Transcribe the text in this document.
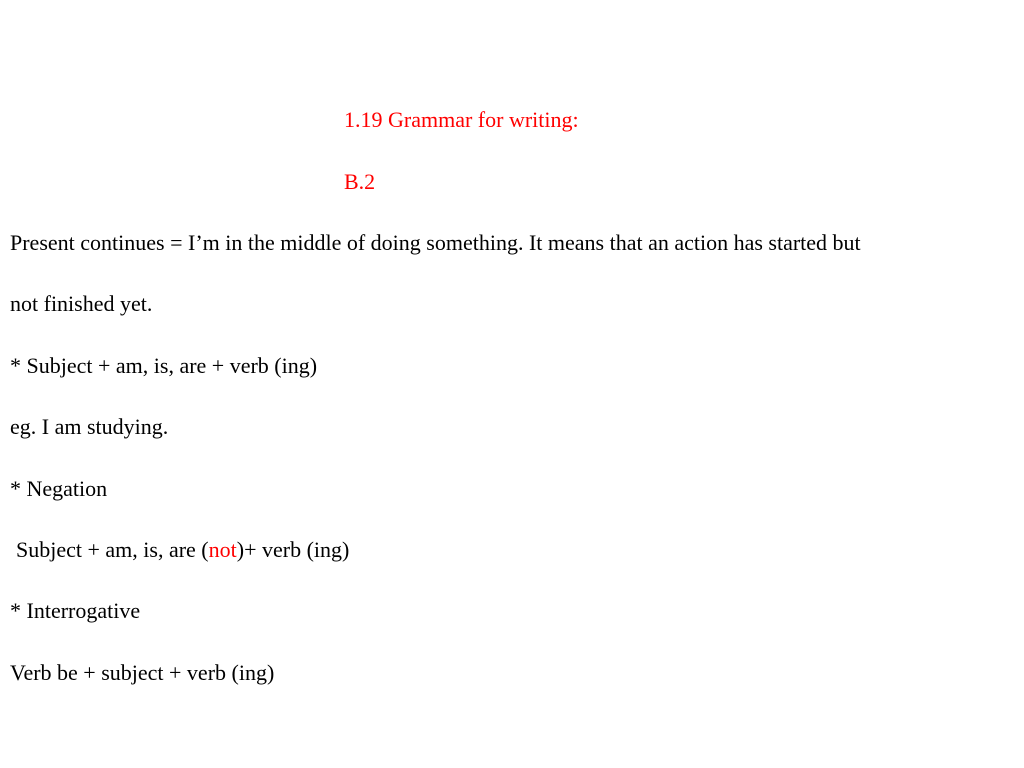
1.19 Grammar for writing:
B.2
Present continues = I’m in the middle of doing something. It means that an action has started but
not finished yet.
* Subject + am, is, are + verb (ing)
eg. I am studying.
* Negation
Subject + am, is, are (not)+ verb (ing)
* Interrogative
Verb be + subject + verb (ing)
